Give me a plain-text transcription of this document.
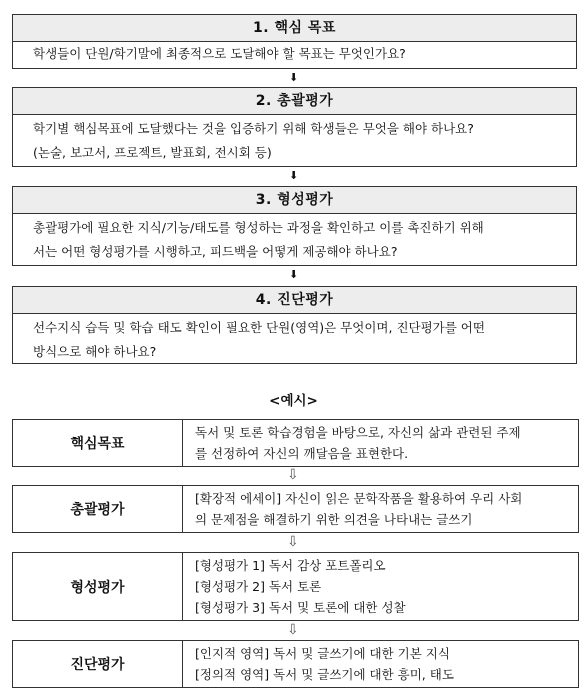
1. 핵심 목표
학생들이 단원/학기말에 최종적으로 도달해야 할 목표는 무엇인가요?
⬇
2. 총괄평가
학기별 핵심목표에 도달했다는 것을 입증하기 위해 학생들은 무엇을 해야 하나요?
(논술, 보고서, 프로젝트, 발표회, 전시회 등)
⬇
3. 형성평가
총괄평가에 필요한 지식/기능/태도를 형성하는 과정을 확인하고 이를 촉진하기 위해
서는 어떤 형성평가를 시행하고, 피드백을 어떻게 제공해야 하나요?
⬇
4. 진단평가
선수지식 습득 및 학습 태도 확인이 필요한 단원(영역)은 무엇이며, 진단평가를 어떤
방식으로 해야 하나요?
<예시>
핵심목표
독서 및 토론 학습경험을 바탕으로, 자신의 삶과 관련된 주제
를 선정하여 자신의 깨달음을 표현한다.
⇩
총괄평가
[확장적 에세이] 자신이 읽은 문학작품을 활용하여 우리 사회
의 문제점을 해결하기 위한 의견을 나타내는 글쓰기
⇩
형성평가
[형성평가 1] 독서 감상 포트폴리오
[형성평가 2] 독서 토론
[형성평가 3] 독서 및 토론에 대한 성찰
⇩
진단평가
[인지적 영역] 독서 및 글쓰기에 대한 기본 지식
[정의적 영역] 독서 및 글쓰기에 대한 흥미, 태도
